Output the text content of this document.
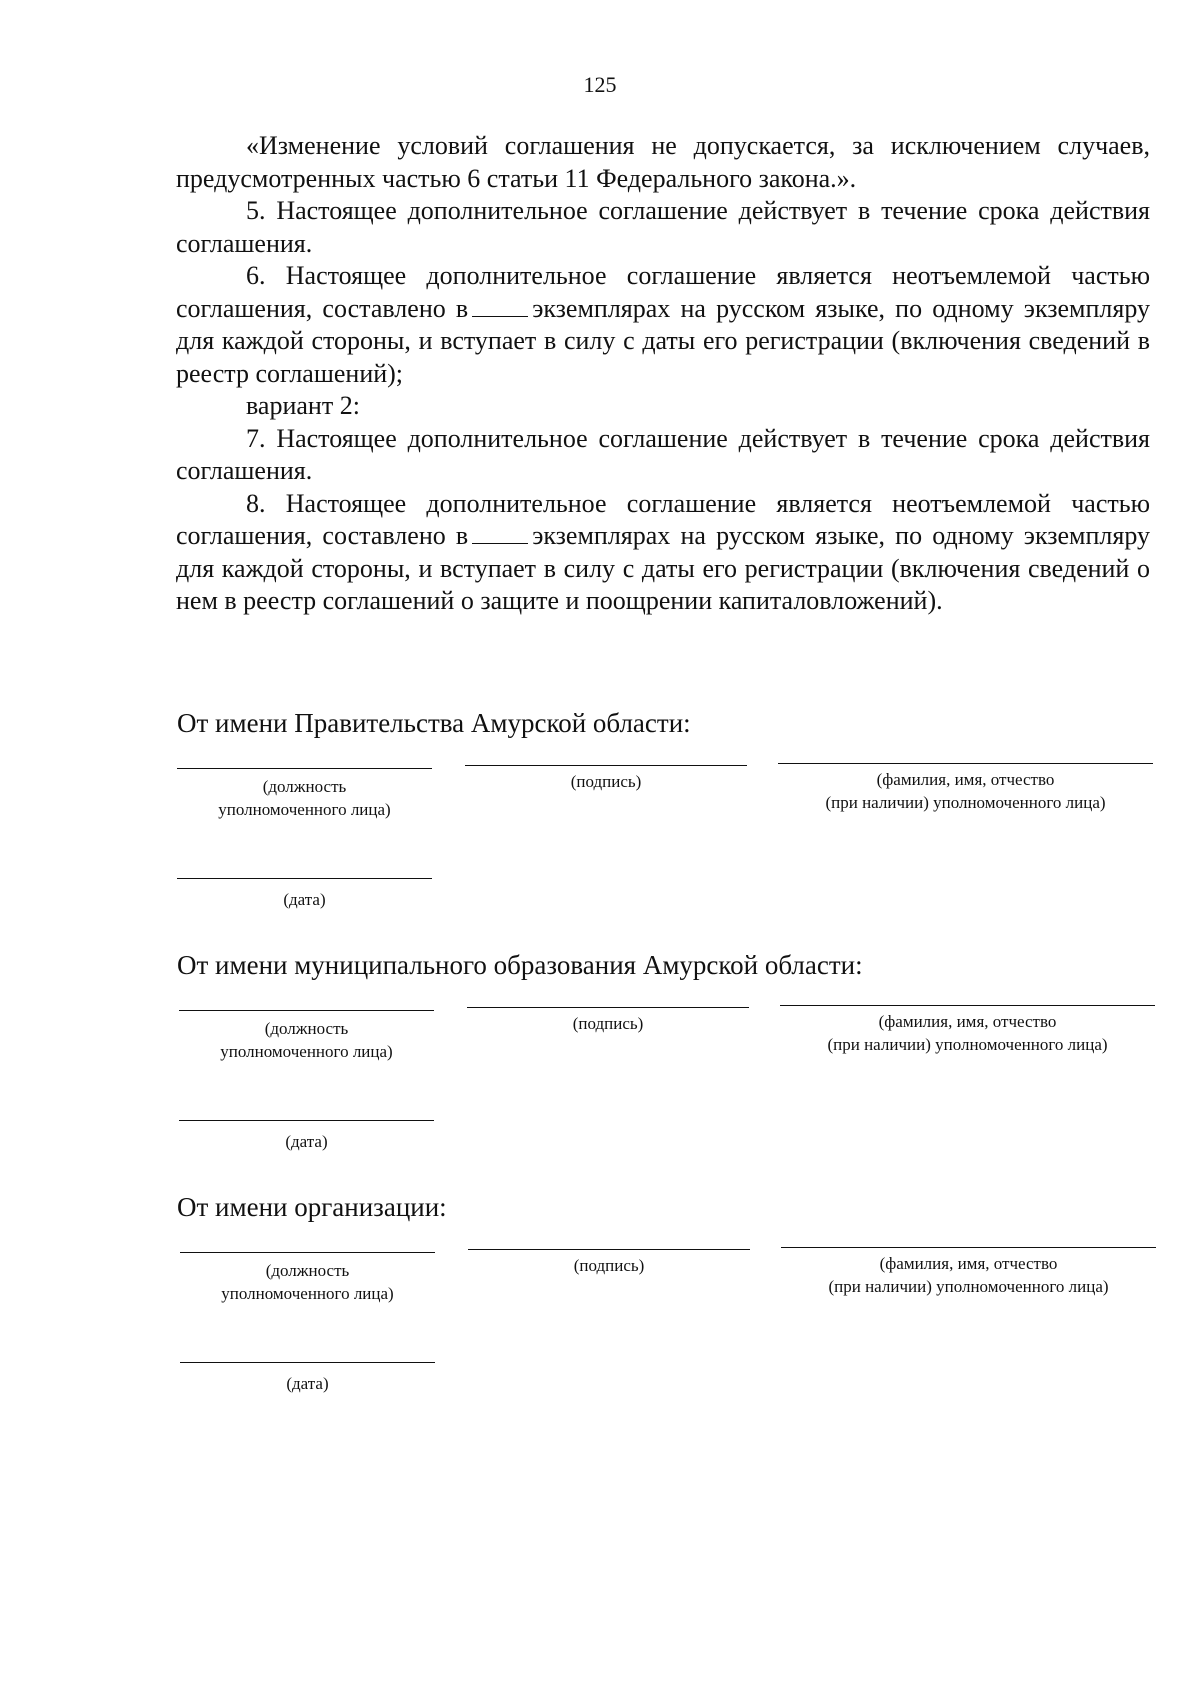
125

«Изменение условий соглашения не допускается, за исключением случаев, предусмотренных частью 6 статьи 11 Федерального закона.».

5. Настоящее дополнительное соглашение действует в течение срока действия соглашения.

6. Настоящее дополнительное соглашение является неотъемлемой частью соглашения, составлено в экземплярах на русском языке, по одному экземпляру для каждой стороны, и вступает в силу с даты его регистрации (включения сведений в реестр соглашений);

вариант 2:

7. Настоящее дополнительное соглашение действует в течение срока действия соглашения.

8. Настоящее дополнительное соглашение является неотъемлемой частью соглашения, составлено в экземплярах на русском языке, по одному экземпляру для каждой стороны, и вступает в силу с даты его регистрации (включения сведений о нем в реестр соглашений о защите и поощрении капиталовложений).

От имени Правительства Амурской области:
(должность
уполномоченного лица)
(подпись)	(фамилия, имя, отчество
(при наличии) уполномоченного лица)
(дата)
От имени муниципального образования Амурской области:
(должность
уполномоченного лица)
(подпись)	(фамилия, имя, отчество
(при наличии) уполномоченного лица)
(дата)
От имени организации:
(должность
уполномоченного лица)
(подпись)	(фамилия, имя, отчество
(при наличии) уполномоченного лица)
(дата)
